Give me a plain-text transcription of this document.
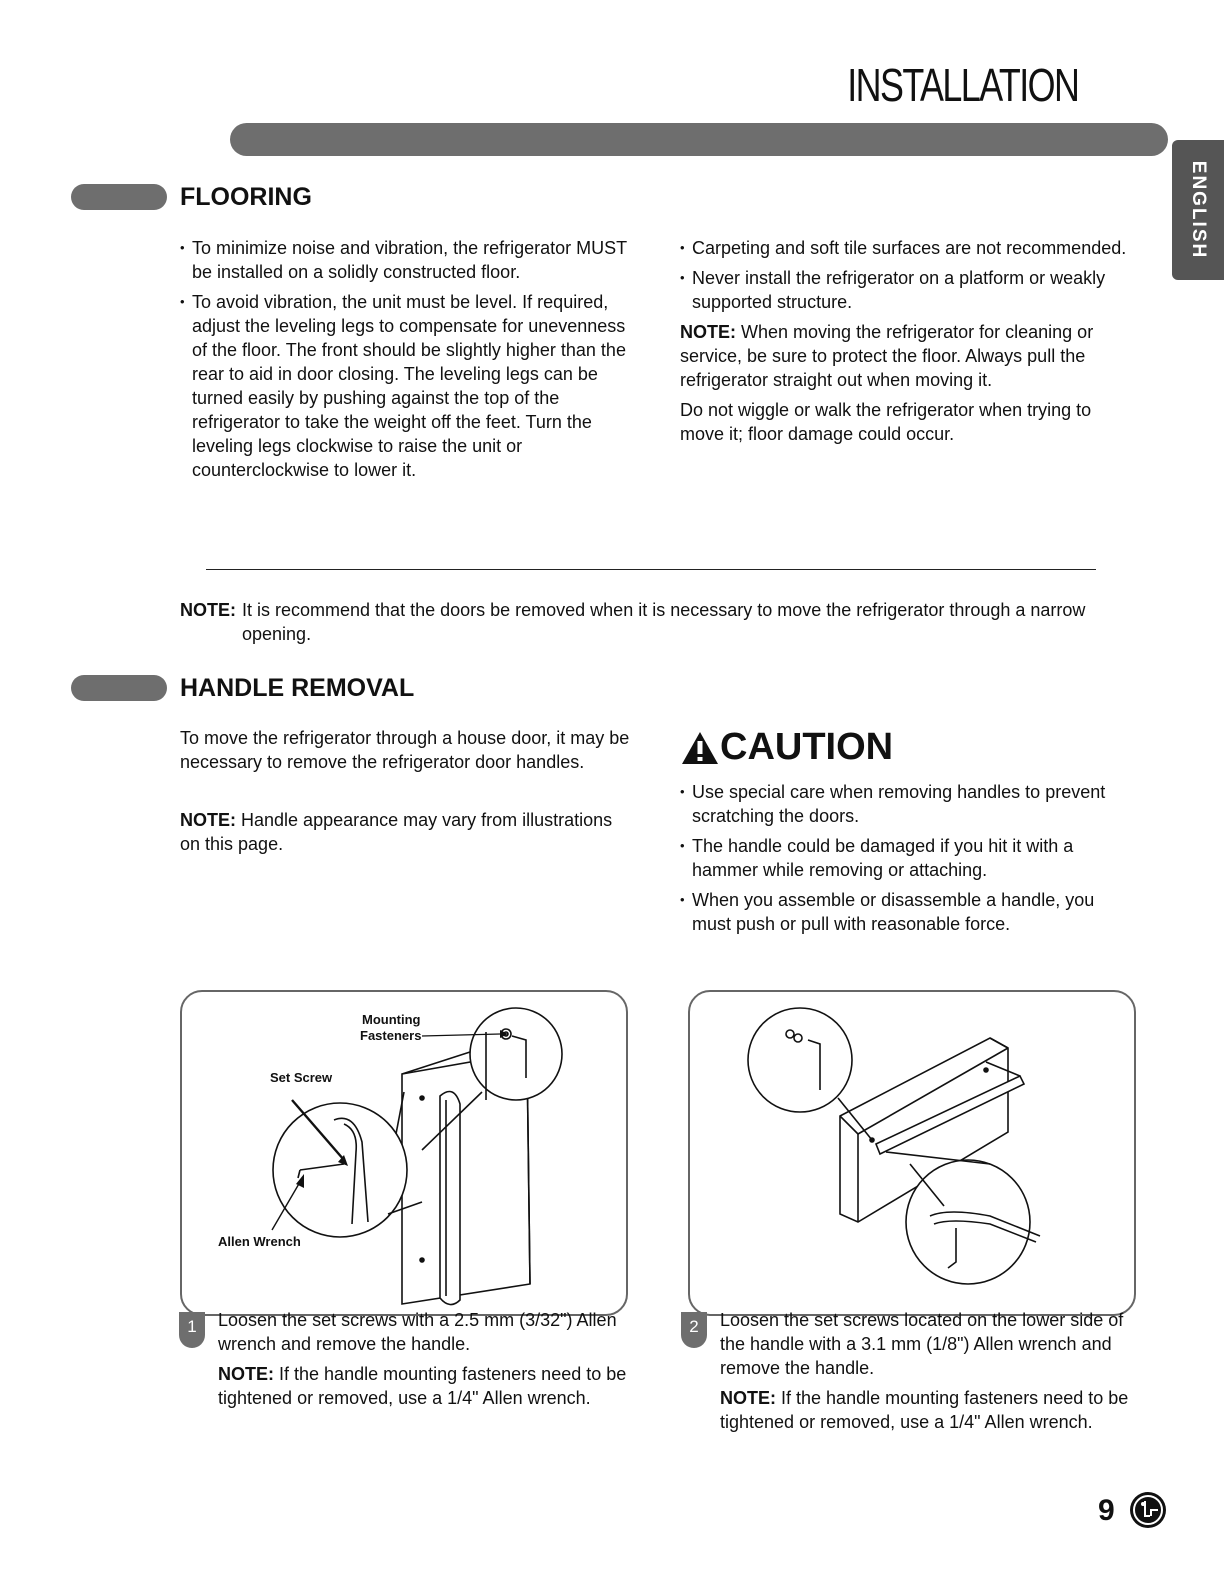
INSTALLATION
ENGLISH
FLOORING
• To minimize noise and vibration, the refrigerator MUST be installed on a solidly constructed floor.
• To avoid vibration, the unit must be level. If required, adjust the leveling legs to compensate for unevenness of the floor. The front should be slightly higher than the rear to aid in door closing. The leveling legs can be turned easily by pushing against the top of the refrigerator to take the weight off the feet. Turn the leveling legs clockwise to raise the unit or counterclockwise to lower it.
• Carpeting and soft tile surfaces are not recommended.
• Never install the refrigerator on a platform or weakly supported structure.

NOTE: When moving the refrigerator for cleaning or service, be sure to protect the floor. Always pull the refrigerator straight out when moving it.

Do not wiggle or walk the refrigerator when trying to move it; floor damage could occur.

NOTE: It is recommend that the doors be removed when it is necessary to move the refrigerator through a narrow opening.
HANDLE REMOVAL

To move the refrigerator through a house door, it may be necessary to remove the refrigerator door handles.

NOTE: Handle appearance may vary from illustrations on this page.

CAUTION
• Use special care when removing handles to prevent scratching the doors.
• The handle could be damaged if you hit it with a hammer while removing or attaching.
• When you assemble or disassemble a handle, you must push or pull with reasonable force.
Mounting
Fasteners
Set Screw
Allen Wrench
1	Loosen the set screws with a 2.5 mm (3/32") Allen wrench and remove the handle.

NOTE: If the handle mounting fasteners need to be tightened or removed, use a 1/4" Allen wrench.

2	Loosen the set screws located on the lower side of the handle with a 3.1 mm (1/8") Allen wrench and remove the handle.

NOTE: If the handle mounting fasteners need to be tightened or removed, use a 1/4" Allen wrench.

9
